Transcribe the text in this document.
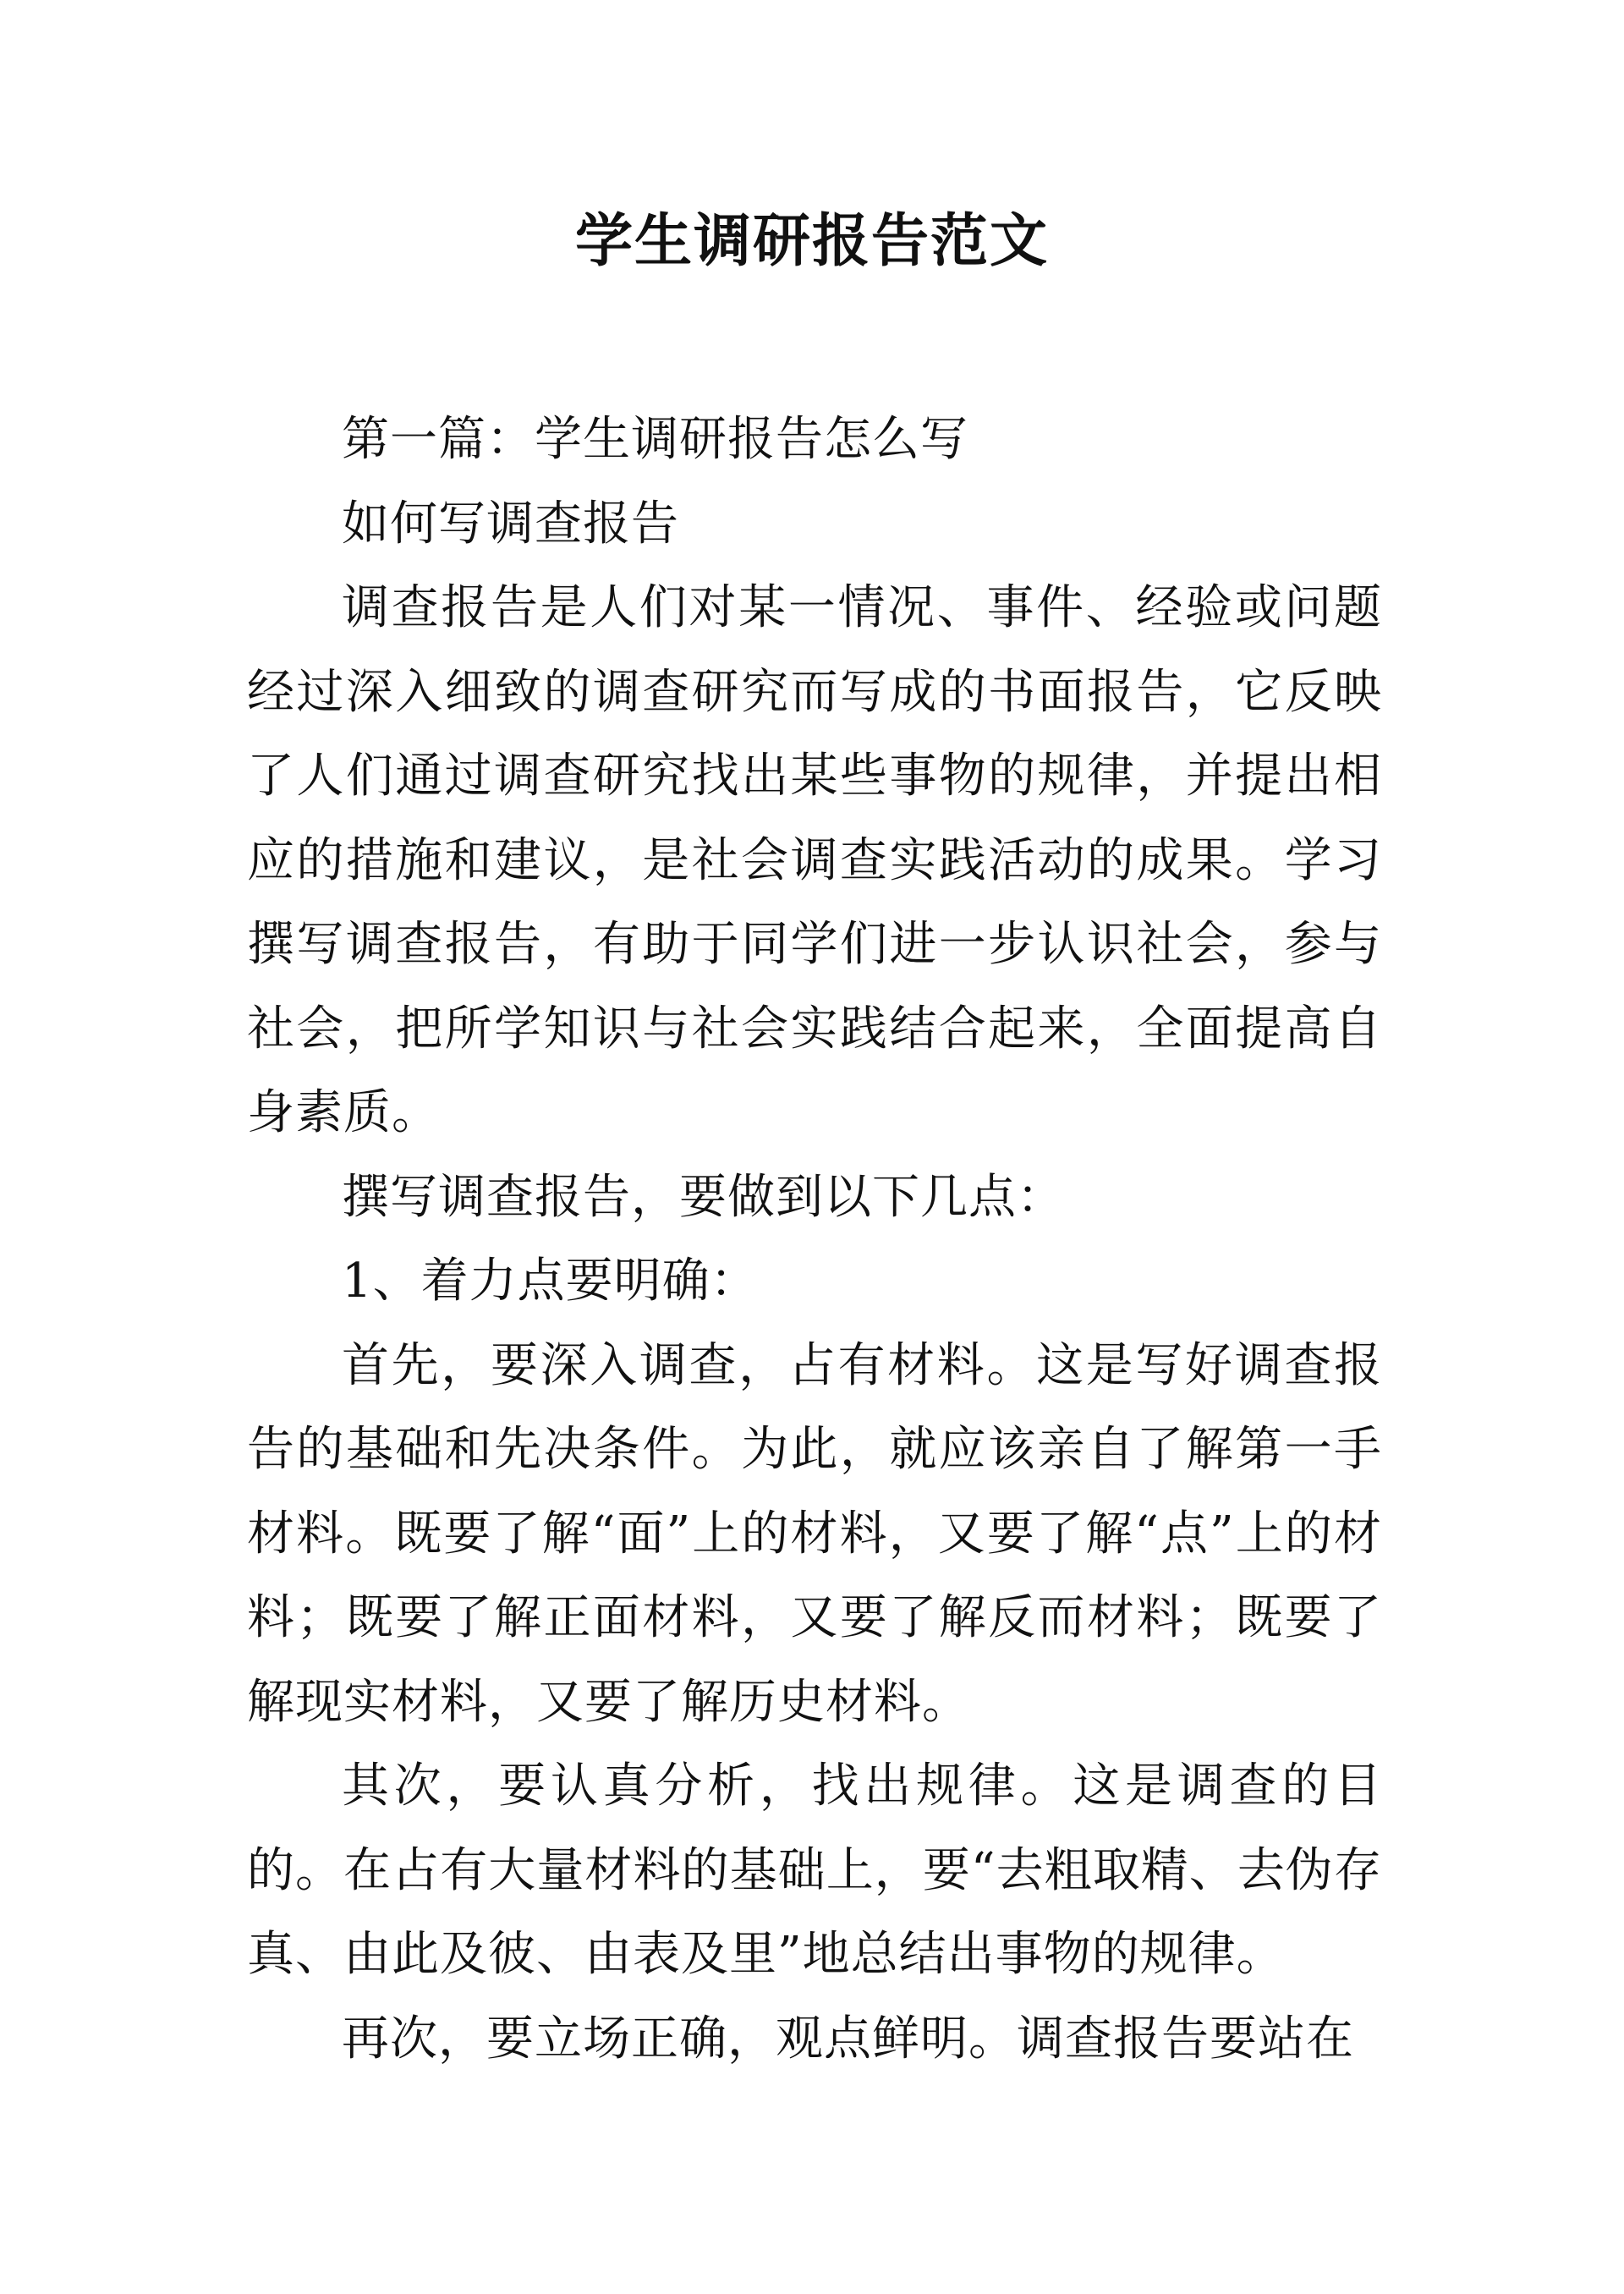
学生调研报告范文

第一篇：学生调研报告怎么写

如何写调查报告

调查报告是人们对某一情况、事件、经验或问题经过深入细致的调查研究而写成的书面报告，它反映了人们通过调查研究找出某些事物的规律，并提出相应的措施和建议，是社会调查实践活动的成果。学习撰写调查报告，有助于同学们进一步认识社会，参与社会，把所学知识与社会实践结合起来，全面提高自身素质。

撰写调查报告，要做到以下几点：

1、着力点要明确：

首先，要深入调查，占有材料。这是写好调查报告的基础和先决条件。为此，就应该亲自了解第一手材料。既要了解“面”上的材料，又要了解“点”上的材料；既要了解正面材料，又要了解反而材料；既要了解现实材料，又要了解历史材料。

其次，要认真分析，找出规律。这是调查的目的。在占有大量材料的基础上，要“去粗取精、去伪存真、由此及彼、由表及里”地总结出事物的规律。

再次，要立场正确，观点鲜明。调查报告要站在
